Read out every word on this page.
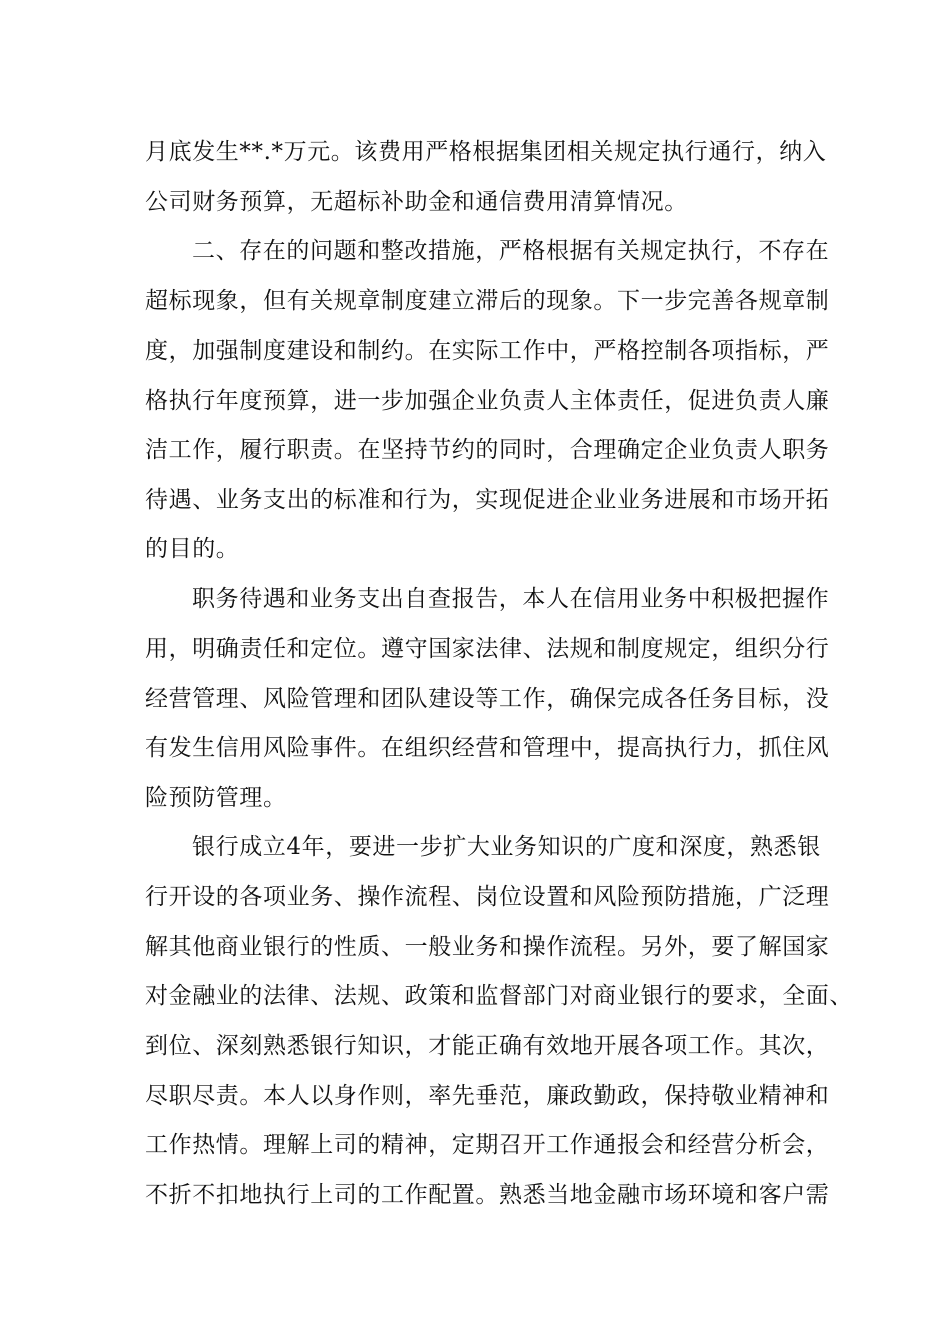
月底发生**.*万元。该费用严格根据集团相关规定执行通行，纳入
公司财务预算，无超标补助金和通信费用清算情况。
二、存在的问题和整改措施，严格根据有关规定执行，不存在
超标现象，但有关规章制度建立滞后的现象。下一步完善各规章制
度，加强制度建设和制约。在实际工作中，严格控制各项指标，严
格执行年度预算，进一步加强企业负责人主体责任，促进负责人廉
洁工作，履行职责。在坚持节约的同时，合理确定企业负责人职务
待遇、业务支出的标准和行为，实现促进企业业务进展和市场开拓
的目的。
职务待遇和业务支出自查报告，本人在信用业务中积极把握作
用，明确责任和定位。遵守国家法律、法规和制度规定，组织分行
经营管理、风险管理和团队建设等工作，确保完成各任务目标，没
有发生信用风险事件。在组织经营和管理中，提高执行力，抓住风
险预防管理。
银行成立4年，要进一步扩大业务知识的广度和深度，熟悉银
行开设的各项业务、操作流程、岗位设置和风险预防措施，广泛理
解其他商业银行的性质、一般业务和操作流程。另外，要了解国家
对金融业的法律、法规、政策和监督部门对商业银行的要求，全面、
到位、深刻熟悉银行知识，才能正确有效地开展各项工作。其次，
尽职尽责。本人以身作则，率先垂范，廉政勤政，保持敬业精神和
工作热情。理解上司的精神，定期召开工作通报会和经营分析会，
不折不扣地执行上司的工作配置。熟悉当地金融市场环境和客户需
